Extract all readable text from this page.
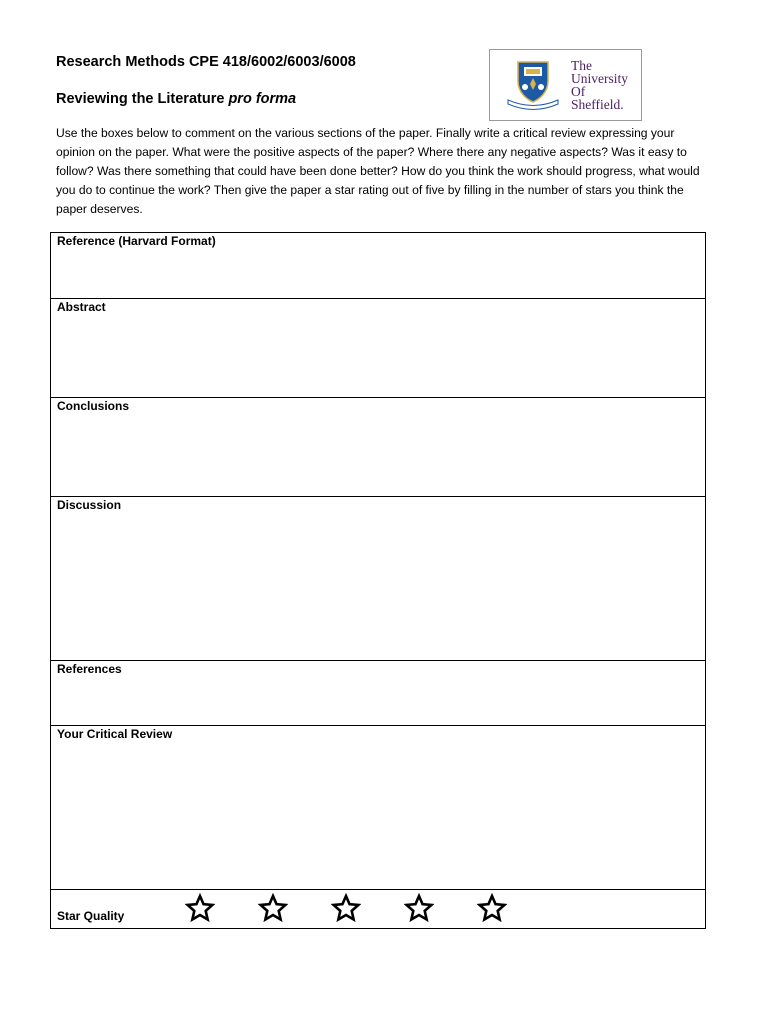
Research Methods CPE 418/6002/6003/6008
Reviewing the Literature pro forma
The
University
Of
Sheffield.

Use the boxes below to comment on the various sections of the paper. Finally write a critical review expressing your opinion on the paper. What were the positive aspects of the paper? Where there any negative aspects? Was it easy to follow? Was there something that could have been done better? How do you think the work should progress, what would you do to continue the work? Then give the paper a star rating out of five by filling in the number of stars you think the paper deserves.

Reference (Harvard Format)
Abstract
Conclusions
Discussion
References
Your Critical Review
Star Quality
